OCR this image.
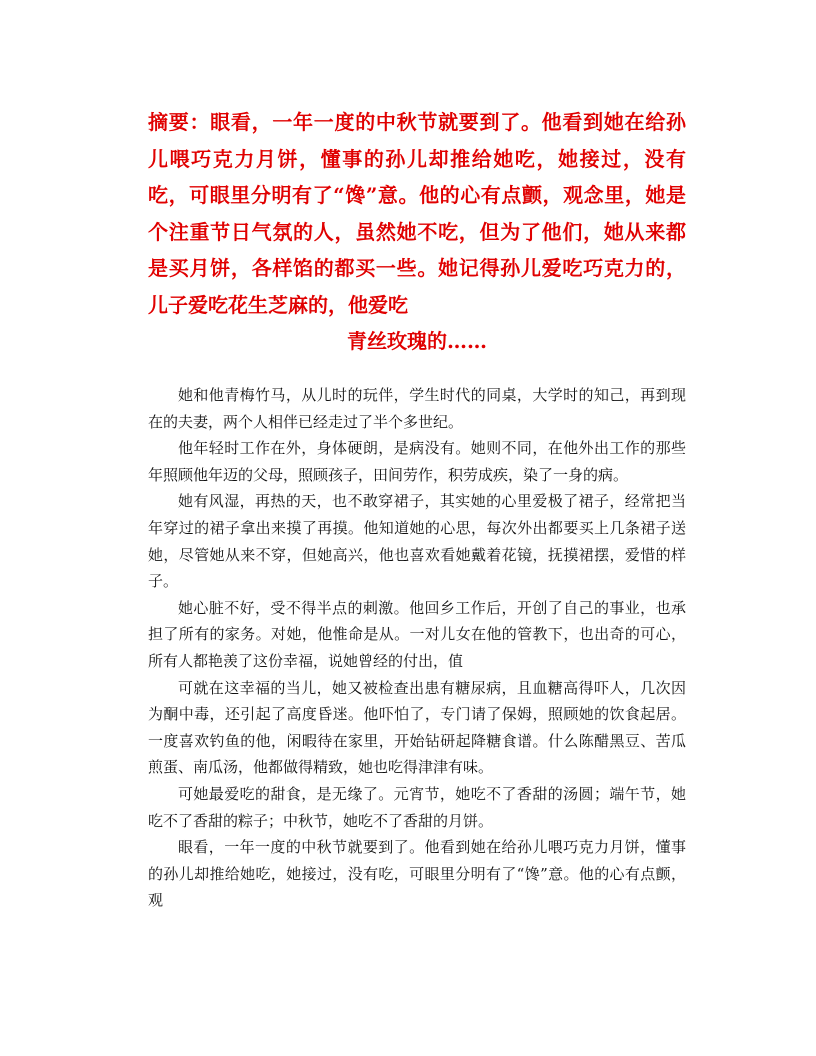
摘要：眼看，一年一度的中秋节就要到了。他看到她在给孙儿喂巧克力月饼，懂事的孙儿却推给她吃，她接过，没有吃，可眼里分明有了“馋”意。他的心有点颤，观念里，她是个注重节日气氛的人，虽然她不吃，但为了他们，她从来都是买月饼，各样馅的都买一些。她记得孙儿爱吃巧克力的，儿子爱吃花生芝麻的，他爱吃
青丝玫瑰的……

她和他青梅竹马，从儿时的玩伴，学生时代的同桌，大学时的知己，再到现在的夫妻，两个人相伴已经走过了半个多世纪。

他年轻时工作在外，身体硬朗，是病没有。她则不同，在他外出工作的那些年照顾他年迈的父母，照顾孩子，田间劳作，积劳成疾，染了一身的病。

她有风湿，再热的天，也不敢穿裙子，其实她的心里爱极了裙子，经常把当年穿过的裙子拿出来摸了再摸。他知道她的心思，每次外出都要买上几条裙子送她，尽管她从来不穿，但她高兴，他也喜欢看她戴着花镜，抚摸裙摆，爱惜的样子。

她心脏不好，受不得半点的刺激。他回乡工作后，开创了自己的事业，也承担了所有的家务。对她，他惟命是从。一对儿女在他的管教下，也出奇的可心，所有人都艳羡了这份幸福，说她曾经的付出，值

可就在这幸福的当儿，她又被检查出患有糖尿病，且血糖高得吓人，几次因为酮中毒，还引起了高度昏迷。他吓怕了，专门请了保姆，照顾她的饮食起居。一度喜欢钓鱼的他，闲暇待在家里，开始钻研起降糖食谱。什么陈醋黑豆、苦瓜煎蛋、南瓜汤，他都做得精致，她也吃得津津有味。

可她最爱吃的甜食，是无缘了。元宵节，她吃不了香甜的汤圆；端午节，她吃不了香甜的粽子；中秋节，她吃不了香甜的月饼。

眼看，一年一度的中秋节就要到了。他看到她在给孙儿喂巧克力月饼，懂事的孙儿却推给她吃，她接过，没有吃，可眼里分明有了“馋”意。他的心有点颤，观
